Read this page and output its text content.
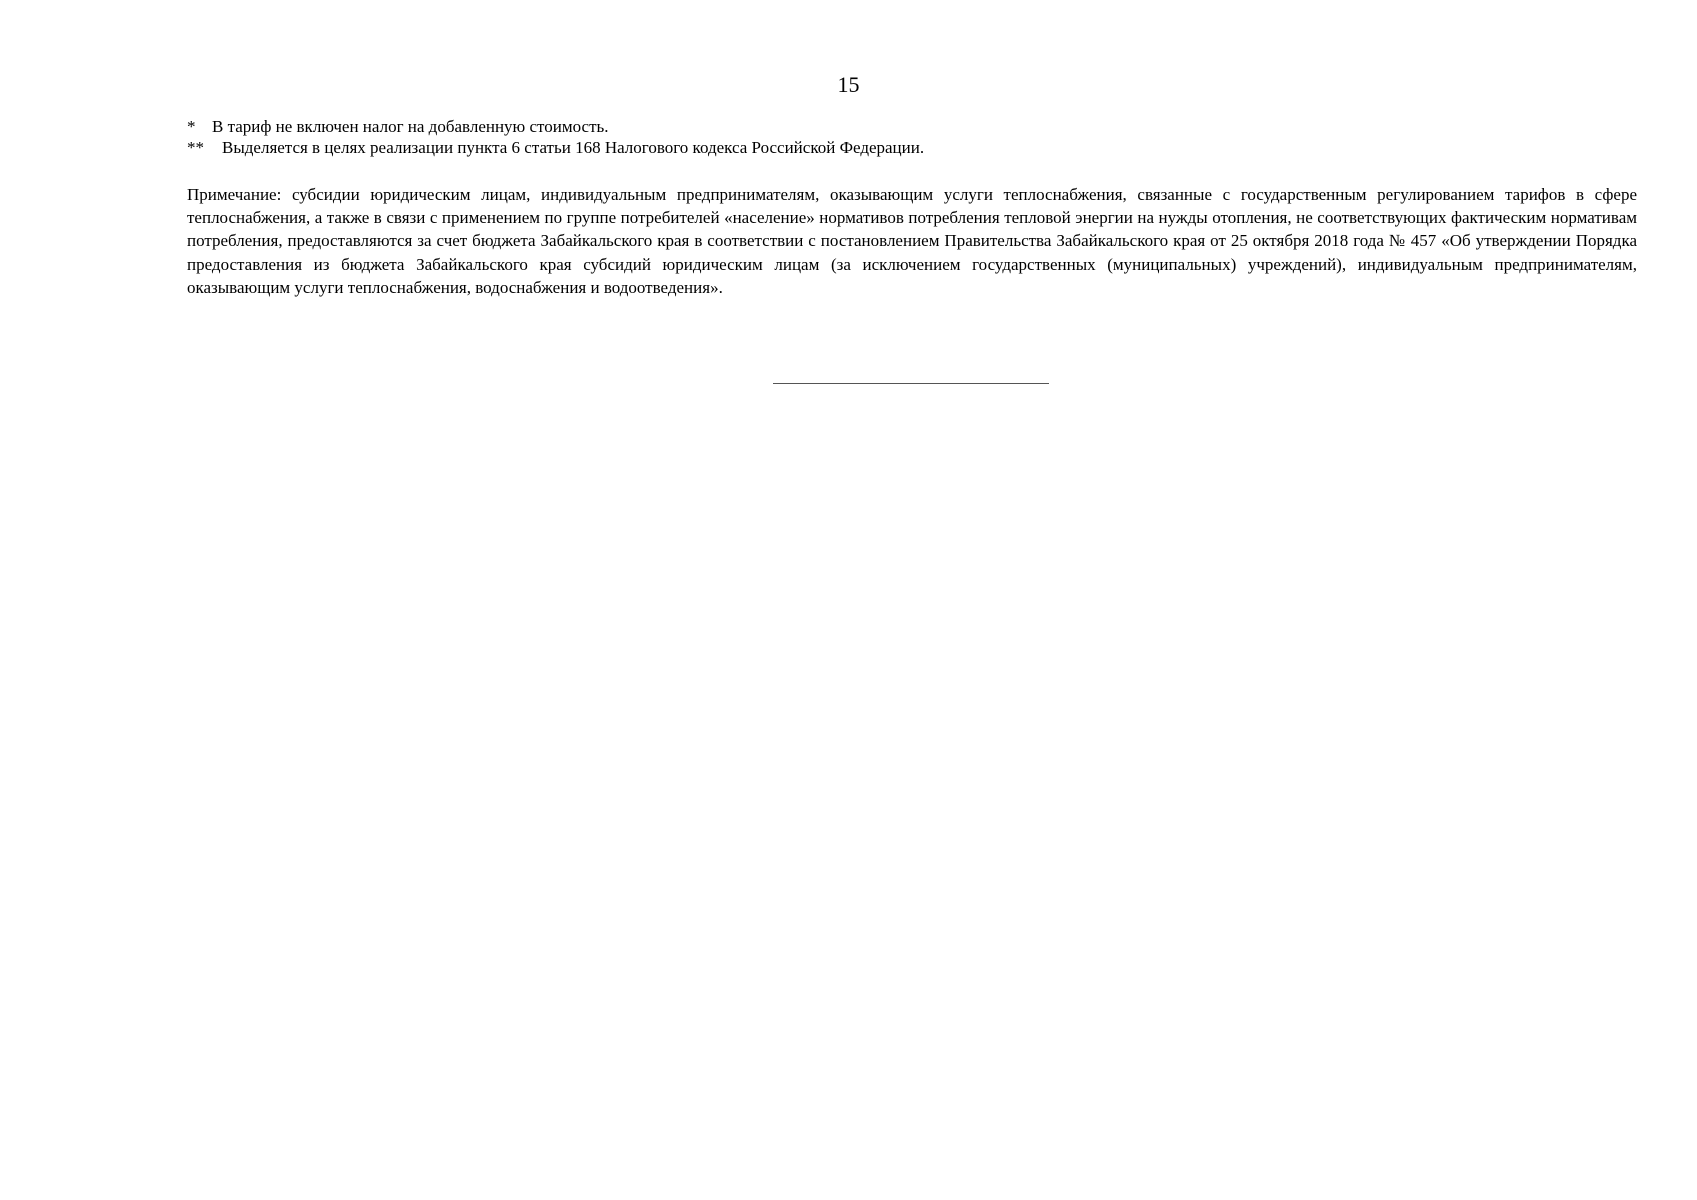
15
* В тариф не включен налог на добавленную стоимость.
**	Выделяется в целях реализации пункта 6 статьи 168 Налогового кодекса Российской Федерации.

Примечание: субсидии юридическим лицам, индивидуальным предпринимателям, оказывающим услуги теплоснабжения, связанные с государственным регулированием тарифов в сфере теплоснабжения, а также в связи с применением по группе потребителей «население» нормативов потребления тепловой энергии на нужды отопления, не соответствующих фактическим нормативам потребления, предоставляются за счет бюджета Забайкальского края в соответствии с постановлением Правительства Забайкальского края от 25 октября 2018 года № 457 «Об утверждении Порядка предоставления из бюджета Забайкальского края субсидий юридическим лицам (за исключением государственных (муниципальных) учреждений), индивидуальным предпринимателям, оказывающим услуги теплоснабжения, водоснабжения и водоотведения».
